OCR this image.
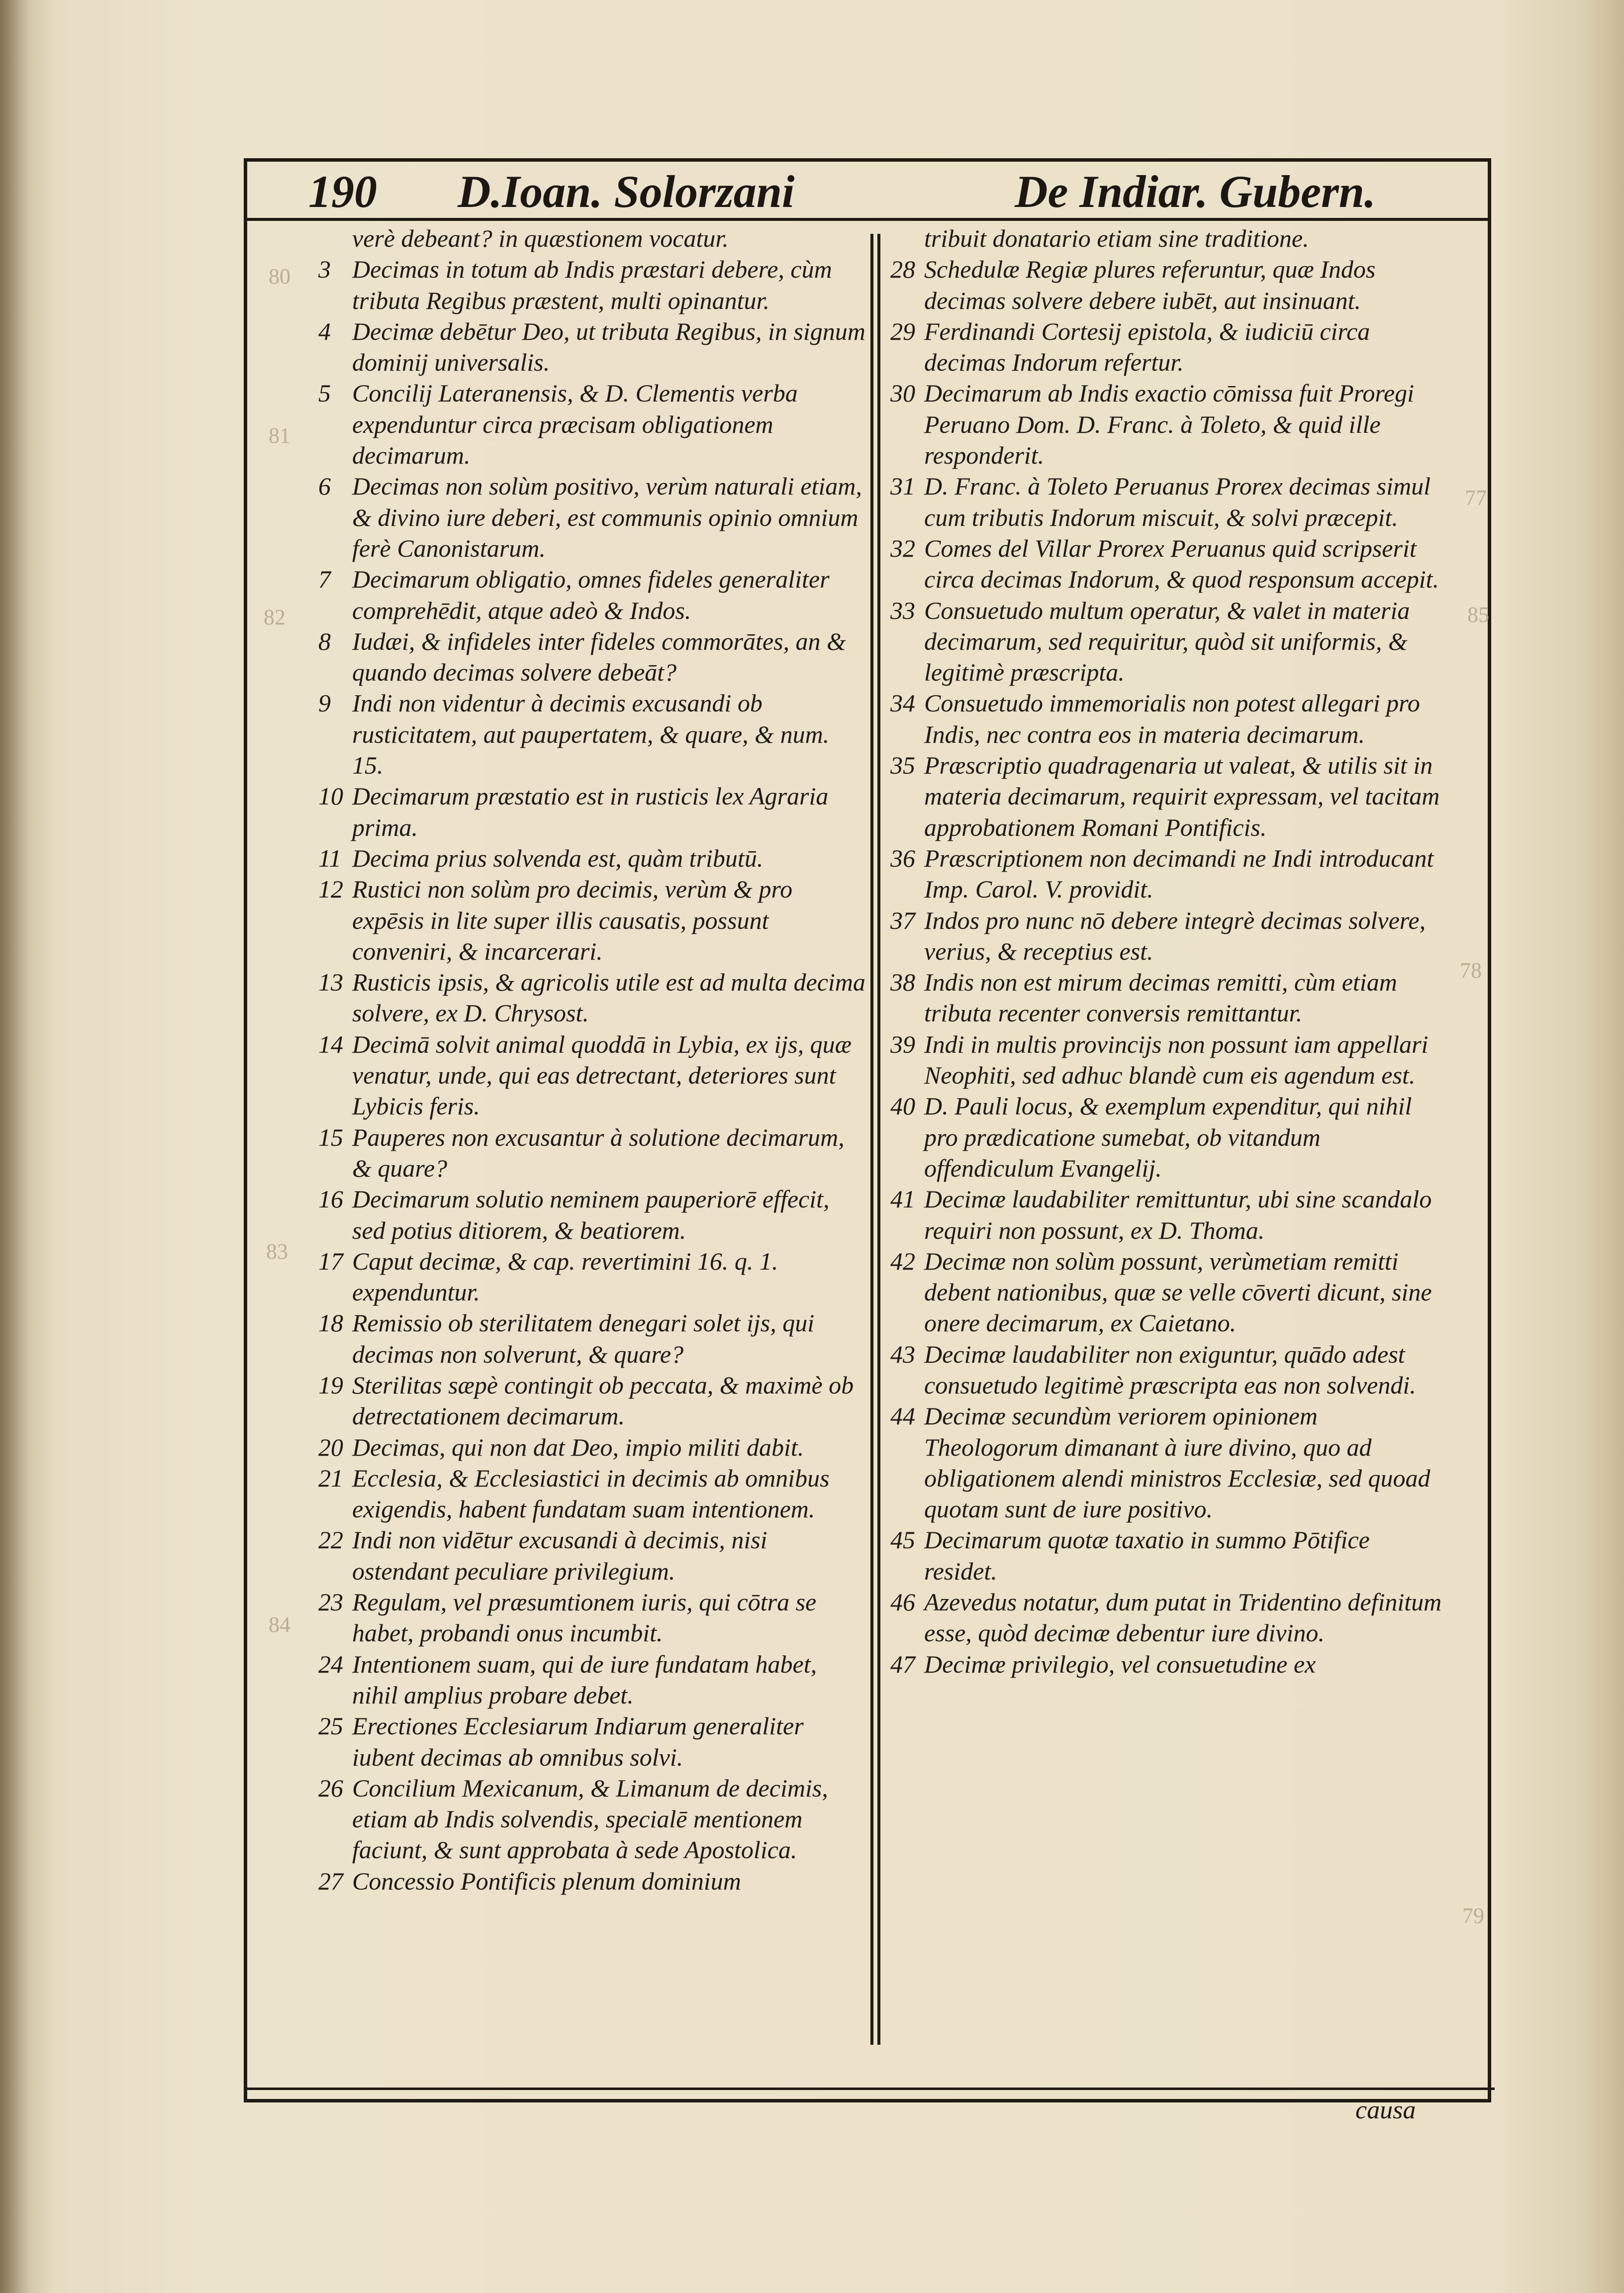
190 D.Ioan. Solorzani	De Indiar. Gubern.
80
81
82
83
84
85
77
78
79
verè debeant? in quæstionem vocatur.
3 Decimas in totum ab Indis præstari debere, cùm tributa Regibus præstent, multi opinantur.
4 Decimæ debētur Deo, ut tributa Regibus, in signum dominij universalis.
5 Concilij Lateranensis, & D. Clementis verba expenduntur circa præcisam obligationem decimarum.
6 Decimas non solùm positivo, verùm naturali etiam, & divino iure deberi, est communis opinio omnium ferè Canonistarum.
7 Decimarum obligatio, omnes fideles generaliter comprehēdit, atque adeò & Indos.
8 Iudæi, & infideles inter fideles commorātes, an & quando decimas solvere debeāt?
9 Indi non videntur à decimis excusandi ob rusticitatem, aut paupertatem, & quare, & num. 15.
10 Decimarum præstatio est in rusticis lex Agraria prima.
11 Decima prius solvenda est, quàm tributū.
12 Rustici non solùm pro decimis, verùm & pro expēsis in lite super illis causatis, possunt conveniri, & incarcerari.
13 Rusticis ipsis, & agricolis utile est ad multa decima solvere, ex D. Chrysost.
14 Decimā solvit animal quoddā in Lybia, ex ijs, quæ venatur, unde, qui eas detrectant, deteriores sunt Lybicis feris.
15 Pauperes non excusantur à solutione decimarum, & quare?
16 Decimarum solutio neminem pauperiorē effecit, sed potius ditiorem, & beatiorem.
17 Caput decimæ, & cap. revertimini 16. q. 1. expenduntur.
18 Remissio ob sterilitatem denegari solet ijs, qui decimas non solverunt, & quare?
19 Sterilitas sæpè contingit ob peccata, & maximè ob detrectationem decimarum.
20 Decimas, qui non dat Deo, impio militi dabit.
21 Ecclesia, & Ecclesiastici in decimis ab omnibus exigendis, habent fundatam suam intentionem.
22 Indi non vidētur excusandi à decimis, nisi ostendant peculiare privilegium.
23 Regulam, vel præsumtionem iuris, qui cōtra se habet, probandi onus incumbit.
24 Intentionem suam, qui de iure fundatam habet, nihil amplius probare debet.
25 Erectiones Ecclesiarum Indiarum generaliter iubent decimas ab omnibus solvi.
26 Concilium Mexicanum, & Limanum de decimis, etiam ab Indis solvendis, specialē mentionem faciunt, & sunt approbata à sede Apostolica.
27 Concessio Pontificis plenum dominium
tribuit donatario etiam sine traditione.
28 Schedulæ Regiæ plures referuntur, quæ Indos decimas solvere debere iubēt, aut insinuant.
29 Ferdinandi Cortesij epistola, & iudiciū circa decimas Indorum refertur.
30 Decimarum ab Indis exactio cōmissa fuit Proregi Peruano Dom. D. Franc. à Toleto, & quid ille responderit.
31 D. Franc. à Toleto Peruanus Prorex decimas simul cum tributis Indorum miscuit, & solvi præcepit.
32 Comes del Villar Prorex Peruanus quid scripserit circa decimas Indorum, & quod responsum accepit.
33 Consuetudo multum operatur, & valet in materia decimarum, sed requiritur, quòd sit uniformis, & legitimè præscripta.
34 Consuetudo immemorialis non potest allegari pro Indis, nec contra eos in materia decimarum.
35 Præscriptio quadragenaria ut valeat, & utilis sit in materia decimarum, requirit expressam, vel tacitam approbationem Romani Pontificis.
36 Præscriptionem non decimandi ne Indi introducant Imp. Carol. V. providit.
37 Indos pro nunc nō debere integrè decimas solvere, verius, & receptius est.
38 Indis non est mirum decimas remitti, cùm etiam tributa recenter conversis remittantur.
39 Indi in multis provincijs non possunt iam appellari Neophiti, sed adhuc blandè cum eis agendum est.
40 D. Pauli locus, & exemplum expenditur, qui nihil pro prædicatione sumebat, ob vitandum offendiculum Evangelij.
41 Decimæ laudabiliter remittuntur, ubi sine scandalo requiri non possunt, ex D. Thoma.
42 Decimæ non solùm possunt, verùmetiam remitti debent nationibus, quæ se velle cōverti dicunt, sine onere decimarum, ex Caietano.
43 Decimæ laudabiliter non exiguntur, quādo adest consuetudo legitimè præscripta eas non solvendi.
44 Decimæ secundùm veriorem opinionem Theologorum dimanant à iure divino, quo ad obligationem alendi ministros Ecclesiæ, sed quoad quotam sunt de iure positivo.
45 Decimarum quotæ taxatio in summo Pōtifice residet.
46 Azevedus notatur, dum putat in Tridentino definitum esse, quòd decimæ debentur iure divino.
47 Decimæ privilegio, vel consuetudine ex
causa
